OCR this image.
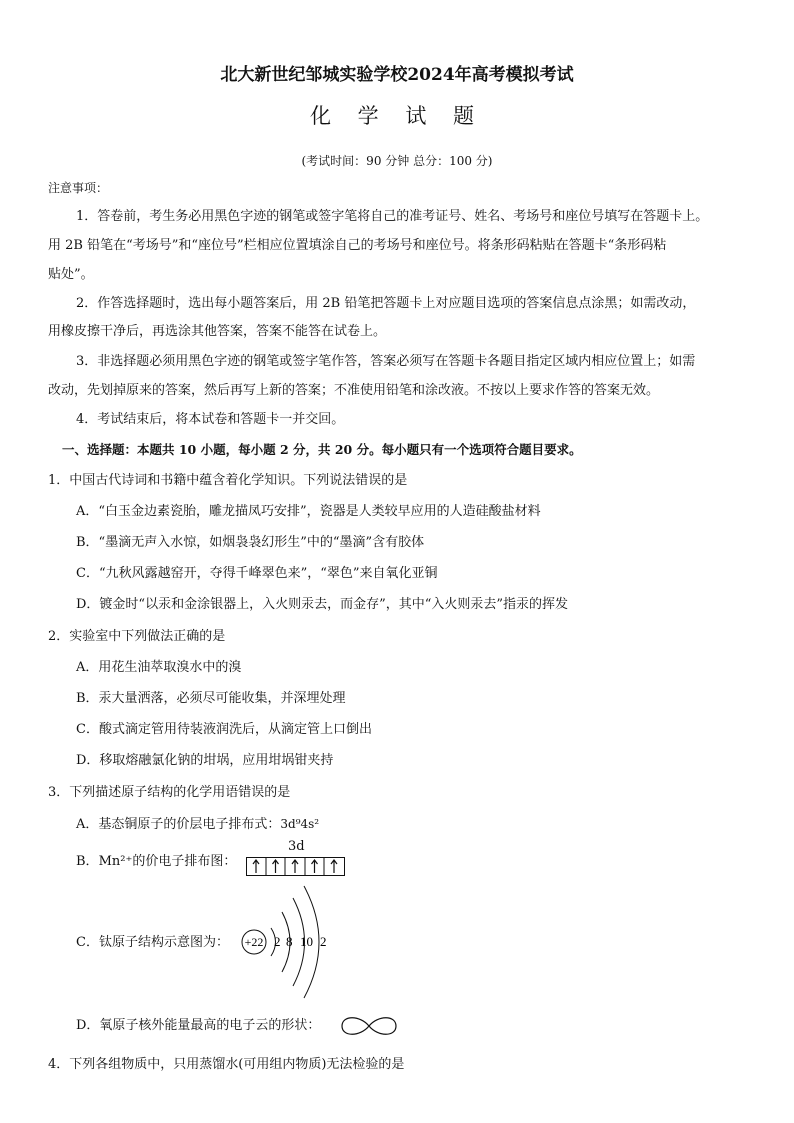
北大新世纪邹城实验学校2024年高考模拟考试
化 学 试 题
(考试时间：90 分钟 总分：100 分)
注意事项：
1．答卷前，考生务必用黑色字迹的钢笔或签字笔将自己的准考证号、姓名、考场号和座位号填写在答题卡上。
用 2B 铅笔在“考场号”和“座位号”栏相应位置填涂自己的考场号和座位号。将条形码粘贴在答题卡“条形码粘
贴处”。
2．作答选择题时，选出每小题答案后，用 2B 铅笔把答题卡上对应题目选项的答案信息点涂黑；如需改动，
用橡皮擦干净后，再选涂其他答案，答案不能答在试卷上。
3．非选择题必须用黑色字迹的钢笔或签字笔作答，答案必须写在答题卡各题目指定区域内相应位置上；如需
改动，先划掉原来的答案，然后再写上新的答案；不准使用铅笔和涂改液。不按以上要求作答的答案无效。
4．考试结束后，将本试卷和答题卡一并交回。
一、选择题：本题共 10 小题，每小题 2 分，共 20 分。每小题只有一个选项符合题目要求。
1．中国古代诗词和书籍中蕴含着化学知识。下列说法错误的是
A．“白玉金边素瓷胎，雕龙描凤巧安排”，瓷器是人类较早应用的人造硅酸盐材料
B．“墨滴无声入水惊，如烟袅袅幻形生”中的“墨滴”含有胶体
C．“九秋风露越窑开，夺得千峰翠色来”，“翠色”来自氧化亚铜
D．镀金时“以汞和金涂银器上，入火则汞去，而金存”，其中“入火则汞去”指汞的挥发
2．实验室中下列做法正确的是
A．用花生油萃取溴水中的溴
B．汞大量洒落，必须尽可能收集，并深埋处理
C．酸式滴定管用待装液润洗后，从滴定管上口倒出
D．移取熔融氯化钠的坩埚，应用坩埚钳夹持
3．下列描述原子结构的化学用语错误的是
A．基态铜原子的价层电子排布式：3d⁹4s²
B．Mn²⁺的价电子排布图：
3d
C．钛原子结构示意图为： +22 2 8 10 2
D．氧原子核外能量最高的电子云的形状：
4．下列各组物质中，只用蒸馏水(可用组内物质)无法检验的是
